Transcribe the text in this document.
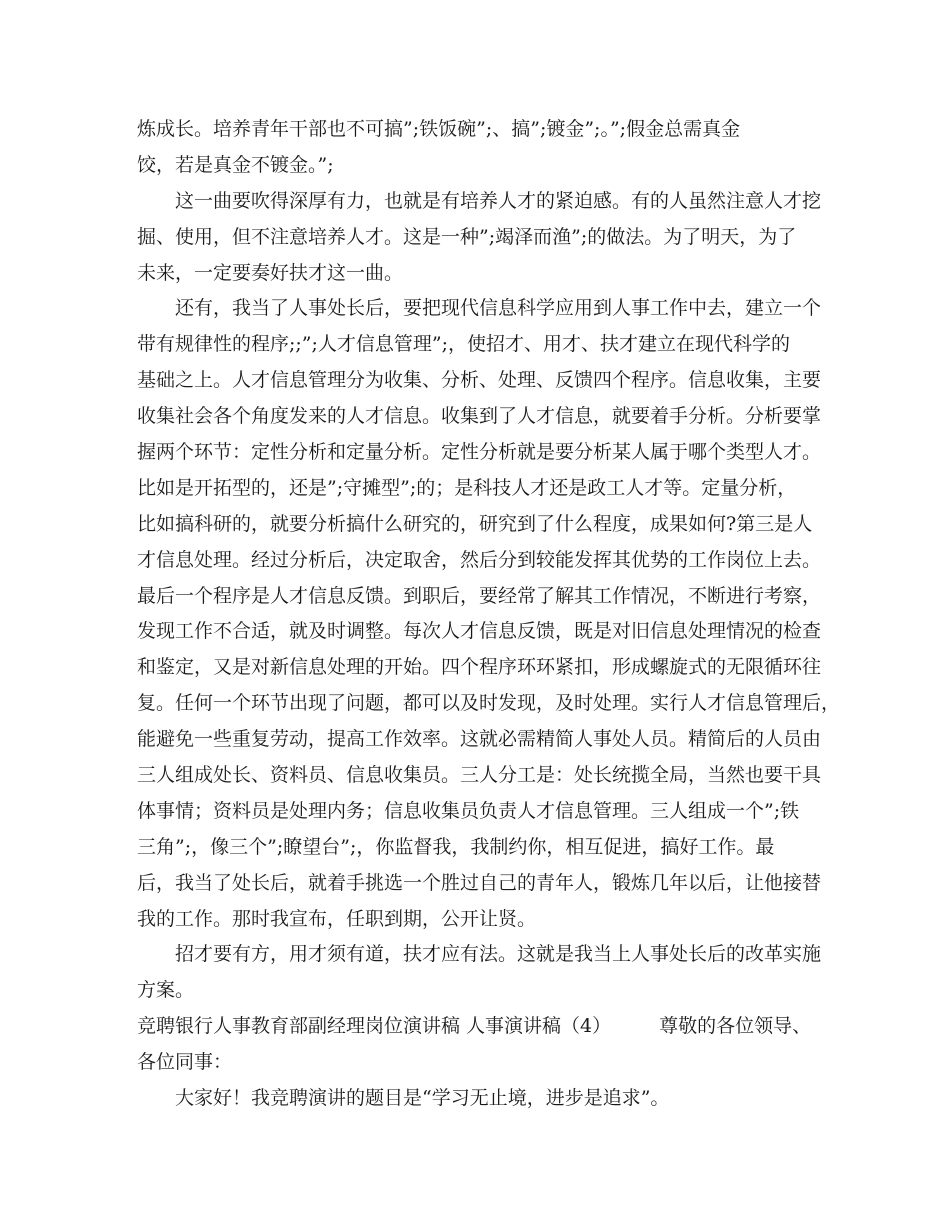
炼成长。培养青年干部也不可搞”;铁饭碗”;、搞”;镀金”;。”;假金总需真金
饺，若是真金不镀金。”;
这一曲要吹得深厚有力，也就是有培养人才的紧迫感。有的人虽然注意人才挖
掘、使用，但不注意培养人才。这是一种”;竭泽而渔”;的做法。为了明天，为了
未来，一定要奏好扶才这一曲。
还有，我当了人事处长后，要把现代信息科学应用到人事工作中去，建立一个
带有规律性的程序;;”;人才信息管理”;，使招才、用才、扶才建立在现代科学的
基础之上。人才信息管理分为收集、分析、处理、反馈四个程序。信息收集，主要
收集社会各个角度发来的人才信息。收集到了人才信息，就要着手分析。分析要掌
握两个环节：定性分析和定量分析。定性分析就是要分析某人属于哪个类型人才。
比如是开拓型的，还是”;守摊型”;的；是科技人才还是政工人才等。定量分析，
比如搞科研的，就要分析搞什么研究的，研究到了什么程度，成果如何?第三是人
才信息处理。经过分析后，决定取舍，然后分到较能发挥其优势的工作岗位上去。
最后一个程序是人才信息反馈。到职后，要经常了解其工作情况，不断进行考察，
发现工作不合适，就及时调整。每次人才信息反馈，既是对旧信息处理情况的检查
和鉴定，又是对新信息处理的开始。四个程序环环紧扣，形成螺旋式的无限循环往
复。任何一个环节出现了问题，都可以及时发现，及时处理。实行人才信息管理后，
能避免一些重复劳动，提高工作效率。这就必需精简人事处人员。精简后的人员由
三人组成处长、资料员、信息收集员。三人分工是：处长统揽全局，当然也要干具
体事情；资料员是处理内务；信息收集员负责人才信息管理。三人组成一个”;铁
三角”;，像三个”;瞭望台”;，你监督我，我制约你，相互促进，搞好工作。最
后，我当了处长后，就着手挑选一个胜过自己的青年人，锻炼几年以后，让他接替
我的工作。那时我宣布，任职到期，公开让贤。
招才要有方，用才须有道，扶才应有法。这就是我当上人事处长后的改革实施
方案。
竞聘银行人事教育部副经理岗位演讲稿 人事演讲稿（4）	尊敬的各位领导、
各位同事：
大家好！我竞聘演讲的题目是“学习无止境，进步是追求”。
